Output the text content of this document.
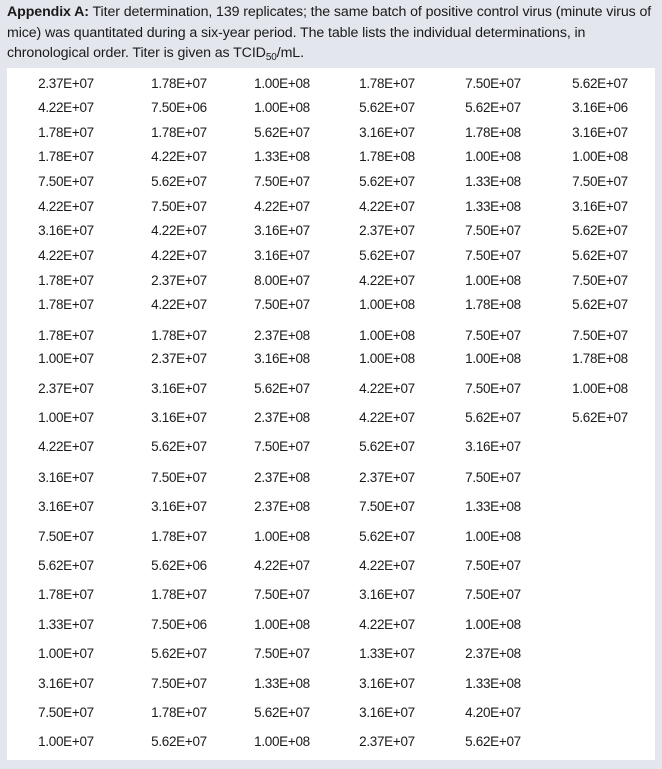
Appendix A: Titer determination, 139 replicates; the same batch of positive control virus (minute virus of mice) was quantitated during a six-year period. The table lists the individual determinations, in chronological order. Titer is given as $TCID_{50}/mL$.
2.37E+07	1.78E+07	1.00E+08	1.78E+07	7.50E+07	5.62E+07
4.22E+07	7.50E+06	1.00E+08	5.62E+07	5.62E+07	3.16E+06
1.78E+07	1.78E+07	5.62E+07	3.16E+07	1.78E+08	3.16E+07
1.78E+07	4.22E+07	1.33E+08	1.78E+08	1.00E+08	1.00E+08
7.50E+07	5.62E+07	7.50E+07	5.62E+07	1.33E+08	7.50E+07
4.22E+07	7.50E+07	4.22E+07	4.22E+07	1.33E+08	3.16E+07
3.16E+07	4.22E+07	3.16E+07	2.37E+07	7.50E+07	5.62E+07
4.22E+07	4.22E+07	3.16E+07	5.62E+07	7.50E+07	5.62E+07
1.78E+07	2.37E+07	8.00E+07	4.22E+07	1.00E+08	7.50E+07
1.78E+07	4.22E+07	7.50E+07	1.00E+08	1.78E+08	5.62E+07
1.78E+07	1.78E+07	2.37E+08	1.00E+08	7.50E+07	7.50E+07
1.00E+07	2.37E+07	3.16E+08	1.00E+08	1.00E+08	1.78E+08
2.37E+07	3.16E+07	5.62E+07	4.22E+07	7.50E+07	1.00E+08
1.00E+07	3.16E+07	2.37E+08	4.22E+07	5.62E+07	5.62E+07
4.22E+07	5.62E+07	7.50E+07	5.62E+07	3.16E+07
3.16E+07	7.50E+07	2.37E+08	2.37E+07	7.50E+07
3.16E+07	3.16E+07	2.37E+08	7.50E+07	1.33E+08
7.50E+07	1.78E+07	1.00E+08	5.62E+07	1.00E+08
5.62E+07	5.62E+06	4.22E+07	4.22E+07	7.50E+07
1.78E+07	1.78E+07	7.50E+07	3.16E+07	7.50E+07
1.33E+07	7.50E+06	1.00E+08	4.22E+07	1.00E+08
1.00E+07	5.62E+07	7.50E+07	1.33E+07	2.37E+08
3.16E+07	7.50E+07	1.33E+08	3.16E+07	1.33E+08
7.50E+07	1.78E+07	5.62E+07	3.16E+07	4.20E+07
1.00E+07	5.62E+07	1.00E+08	2.37E+07	5.62E+07
